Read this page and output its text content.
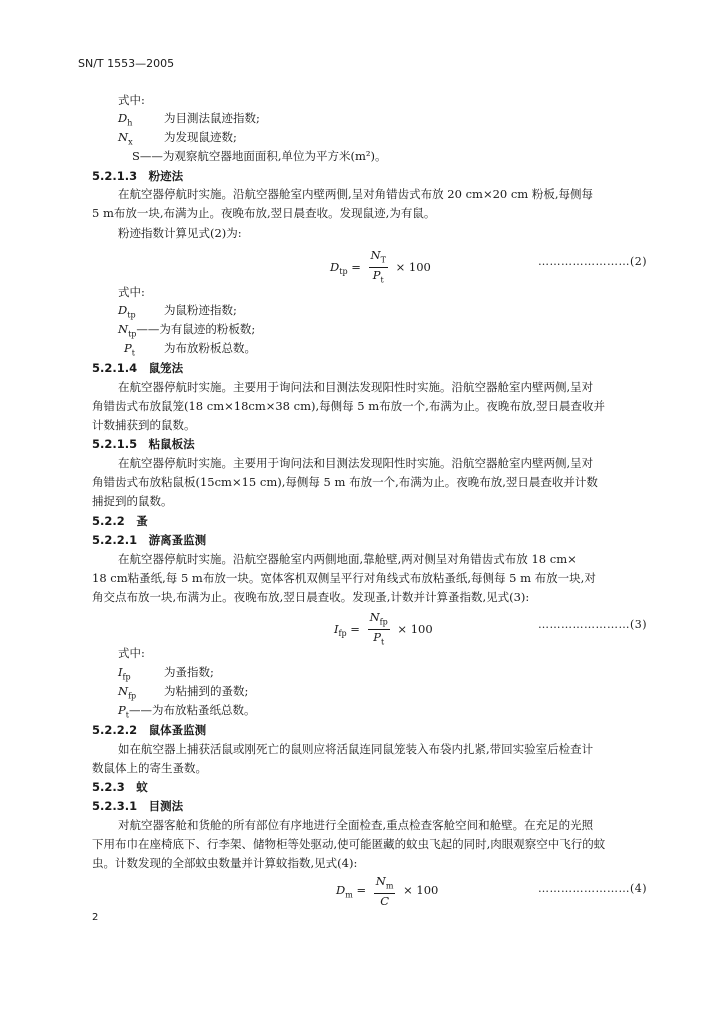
SN/T 1553—2005
式中:
$D_h$	为目測法鼠迹指数;
$N_x$	为发现鼠迹数;
S——为观察航空器地面面积,单位为平方米(m²)。
5.2.1.3　粉迹法
在航空器停航时实施。沿航空器舱室内壁两側,呈对角错齿式布放 20 cm×20 cm 粉板,每侧每
5 m布放一块,布满为止。夜晚布放,翌日晨查收。发现鼠迹,为有鼠。
粉迹指数计算见式(2)为:
$D_{tp} = \frac{N_T}{P_t} \times 100$	……………………(2)
式中:
$D_{tp}$ 为鼠粉迹指数;
$N_{tp}——$为有鼠迹的粉板数;
$P_t$	为布放粉板总数。
5.2.1.4　鼠笼法
在航空器停航时实施。主要用于询问法和目测法发现阳性时实施。沿航空器舱室内壁两侧,呈对
角错齿式布放鼠笼(18 cm×18cm×38 cm),每侧每 5 m布放一个,布满为止。夜晚布放,翌日晨查收并
计数捕获到的鼠数。
5.2.1.5　粘鼠板法
在航空器停航时实施。主要用于询问法和目测法发现阳性时实施。沿航空器舱室内壁两侧,呈对
角错齿式布放粘鼠板(15cm×15 cm),每侧每 5 m 布放一个,布满为止。夜晚布放,翌日晨查收并计数
捕捉到的鼠数。
5.2.2　蚤
5.2.2.1　游离蚤监测
在航空器停航时实施。沿航空器舱室内两側地面,靠舱壁,两对侧呈对角错齿式布放 18 cm×
18 cm粘蚤纸,每 5 m布放一块。宽体客机双侧呈平行对角线式布放粘蚤纸,每侧每 5 m 布放一块,对
角交点布放一块,布满为止。夜晚布放,翌日晨查收。发现蚤,计数并计算蚤指数,见式(3):
$I_{fp} = \frac{N_{fp}}{P_t} \times 100$	……………………(3)
式中:
$I_{fp}$	为蚤指数;
$N_{fp}$ 为粘捕到的蚤数;
$P_t——$为布放粘蚤纸总数。
5.2.2.2　鼠体蚤监测
如在航空器上捕获活鼠或刚死亡的鼠则应将活鼠连同鼠笼装入布袋内扎紧,带回实验室后检查计
数鼠体上的寄生蚤数。
5.2.3　蚊
5.2.3.1　目测法
对航空器客舱和货舱的所有部位有序地进行全面检查,重点检查客舱空间和舱壁。在充足的光照
下用布巾在座椅底下、行李架、储物柜等处驱动,使可能匿藏的蚊虫飞起的同时,肉眼观察空中飞行的蚊
虫。计数发现的全部蚊虫数量并计算蚊指数,见式(4):
$D_m = \frac{N_m}{C} \times 100$	……………………(4)
2
